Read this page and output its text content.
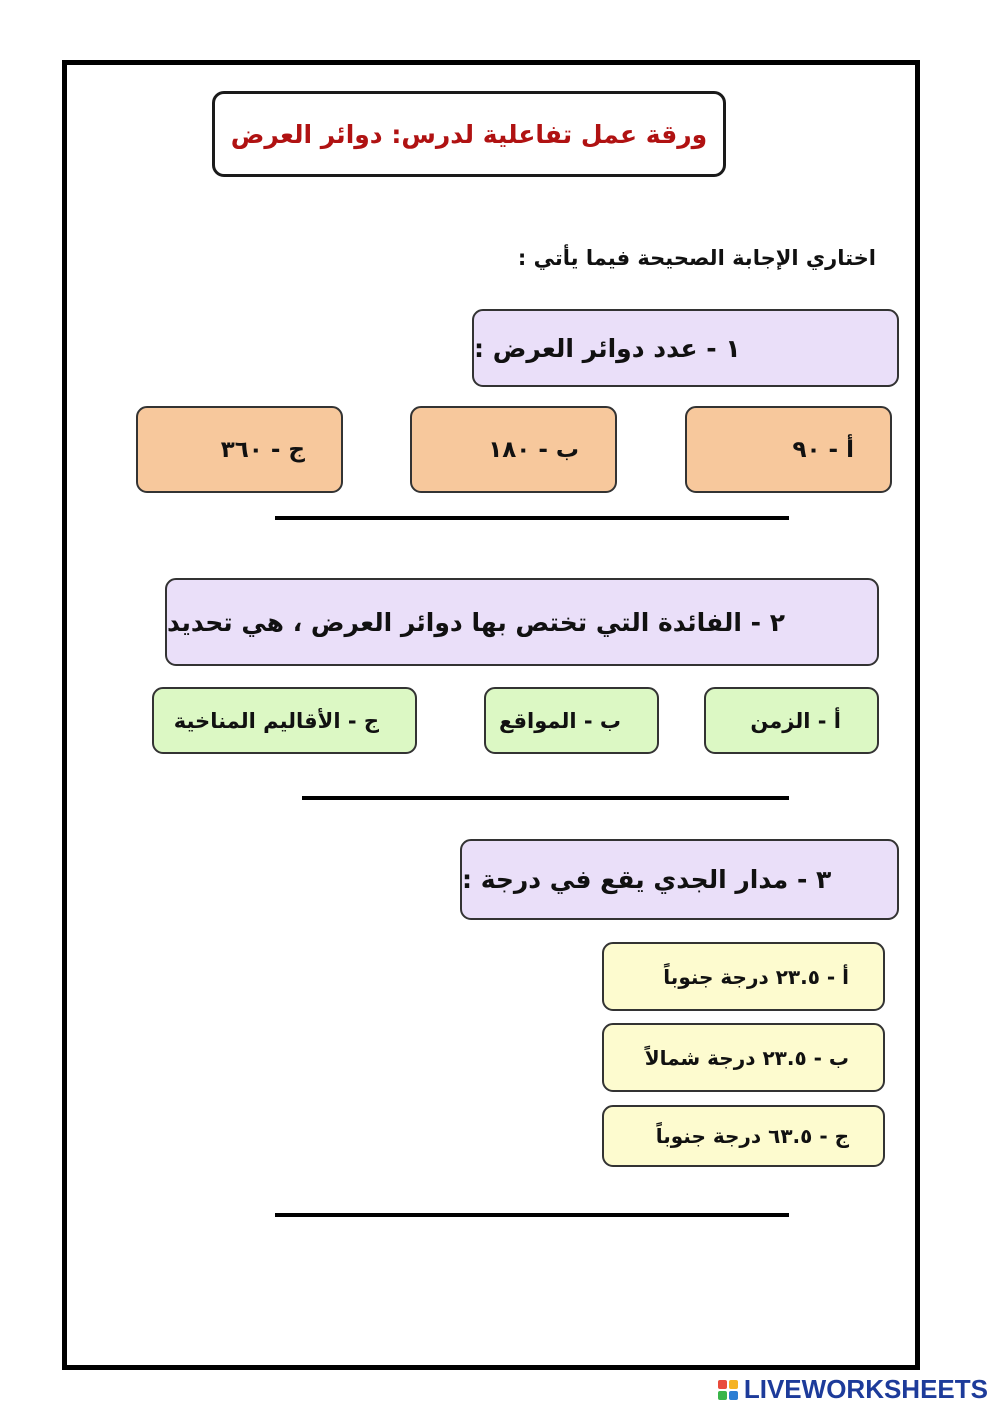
ورقة عمل تفاعلية لدرس: دوائر العرض
اختاري الإجابة الصحيحة فيما يأتي :
١ - عدد دوائر العرض :
أ - ٩٠
ب - ١٨٠
ج - ٣٦٠
٢ - الفائدة التي تختص بها دوائر العرض ، هي تحديد
أ - الزمن
ب - المواقع
ج - الأقاليم المناخية
٣ - مدار الجدي يقع في درجة :
أ - ٢٣.٥ درجة جنوباً
ب - ٢٣.٥ درجة شمالاً
ج - ٦٣.٥ درجة جنوباً
LIVEWORKSHEETS
